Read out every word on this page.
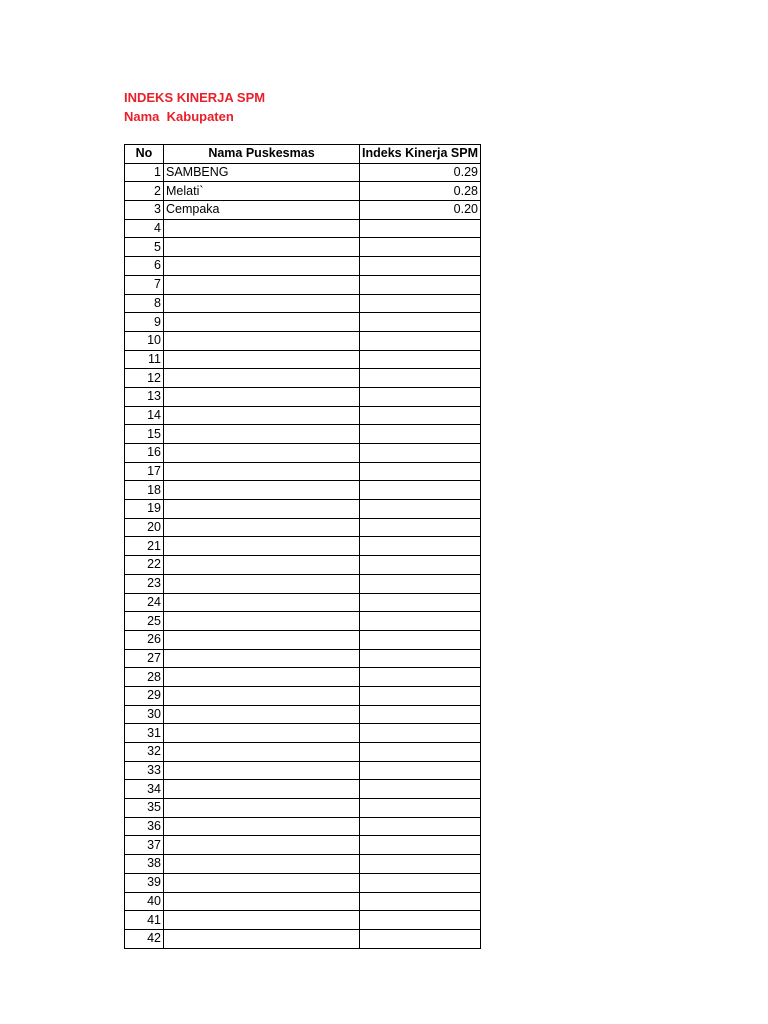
INDEKS KINERJA SPM
Nama  Kabupaten
No	Nama Puskesmas	Indeks Kinerja SPM
1	SAMBENG	0.29
2	Melati`	0.28
3	Cempaka	0.20
4		
5		
6		
7		
8		
9		
10		
11		
12		
13		
14		
15		
16		
17		
18		
19		
20		
21		
22		
23		
24		
25		
26		
27		
28		
29		
30		
31		
32		
33		
34		
35		
36		
37		
38		
39		
40		
41		
42		
